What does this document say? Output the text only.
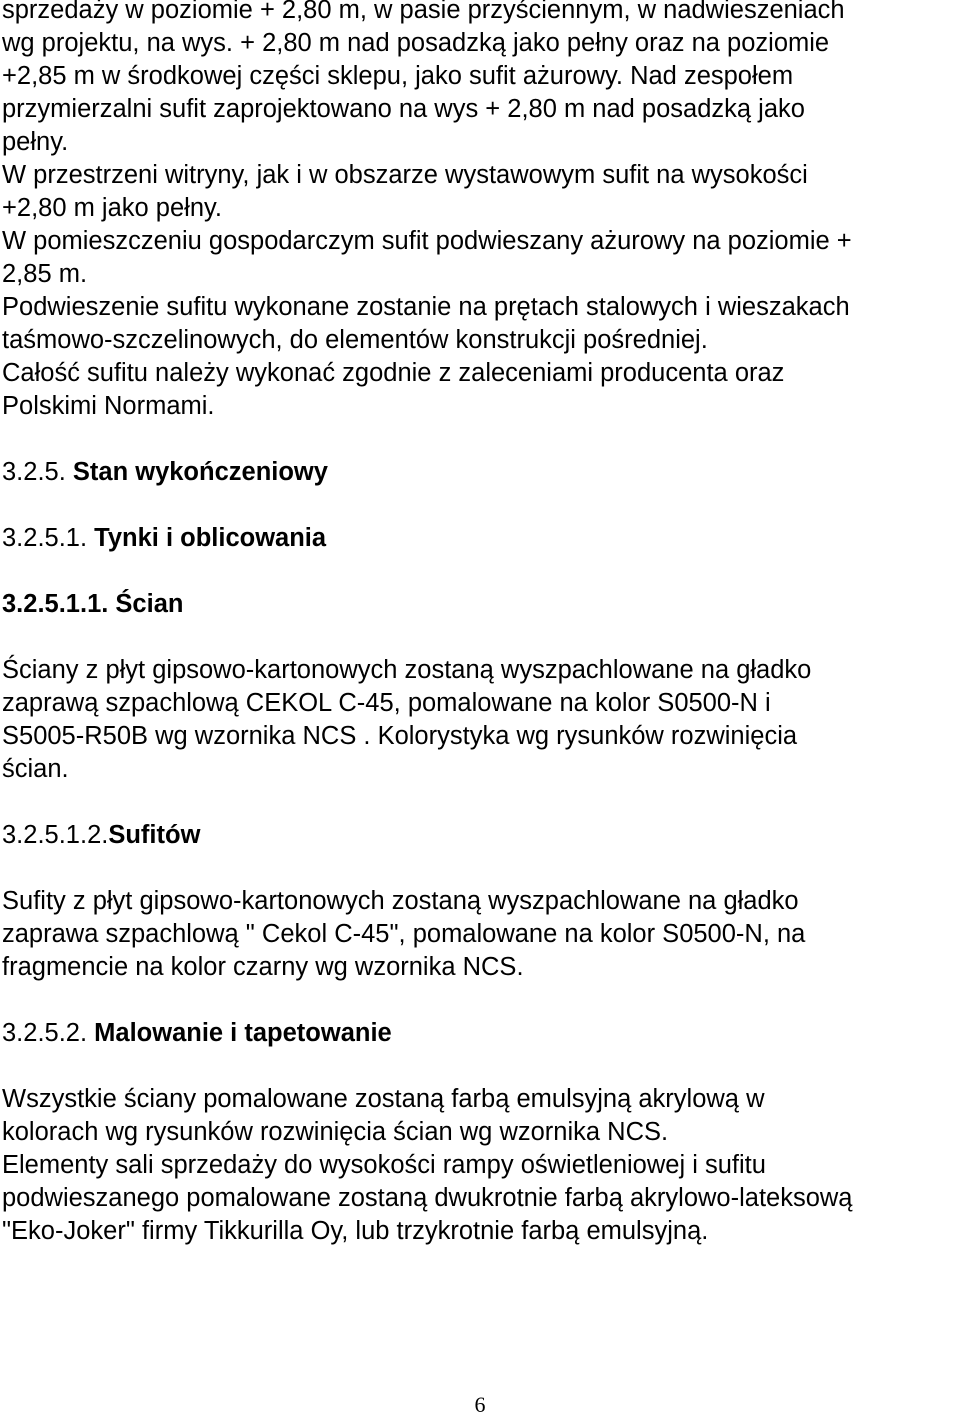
sprzedaży w poziomie + 2,80 m, w pasie przyściennym, w nadwieszeniach

wg projektu, na wys. + 2,80 m nad posadzką jako pełny oraz na poziomie

+2,85 m w środkowej części sklepu, jako sufit ażurowy. Nad zespołem

przymierzalni sufit zaprojektowano na wys + 2,80 m nad posadzką jako

pełny.

W przestrzeni witryny, jak i w obszarze wystawowym sufit na wysokości

+2,80 m jako pełny.

W pomieszczeniu gospodarczym sufit podwieszany ażurowy na poziomie +

2,85 m.

Podwieszenie sufitu wykonane zostanie na prętach stalowych i wieszakach

taśmowo-szczelinowych, do elementów konstrukcji pośredniej.

Całość sufitu należy wykonać zgodnie z zaleceniami producenta oraz

Polskimi Normami.

3.2.5. Stan wykończeniowy

3.2.5.1. Tynki i oblicowania

3.2.5.1.1. Ścian

Ściany z płyt gipsowo-kartonowych zostaną wyszpachlowane na gładko

zaprawą szpachlową CEKOL C-45, pomalowane na kolor S0500-N i

S5005-R50B wg wzornika NCS . Kolorystyka wg rysunków rozwinięcia

ścian.

3.2.5.1.2.Sufitów

Sufity z płyt gipsowo-kartonowych zostaną wyszpachlowane na gładko

zaprawa szpachlową " Cekol C-45", pomalowane na kolor S0500-N, na

fragmencie na kolor czarny wg wzornika NCS.

3.2.5.2. Malowanie i tapetowanie

Wszystkie ściany pomalowane zostaną farbą emulsyjną akrylową w

kolorach wg rysunków rozwinięcia ścian wg wzornika NCS.

Elementy sali sprzedaży do wysokości rampy oświetleniowej i sufitu

podwieszanego pomalowane zostaną dwukrotnie farbą akrylowo-lateksową

"Eko-Joker" firmy Tikkurilla Oy, lub trzykrotnie farbą emulsyjną.

6
